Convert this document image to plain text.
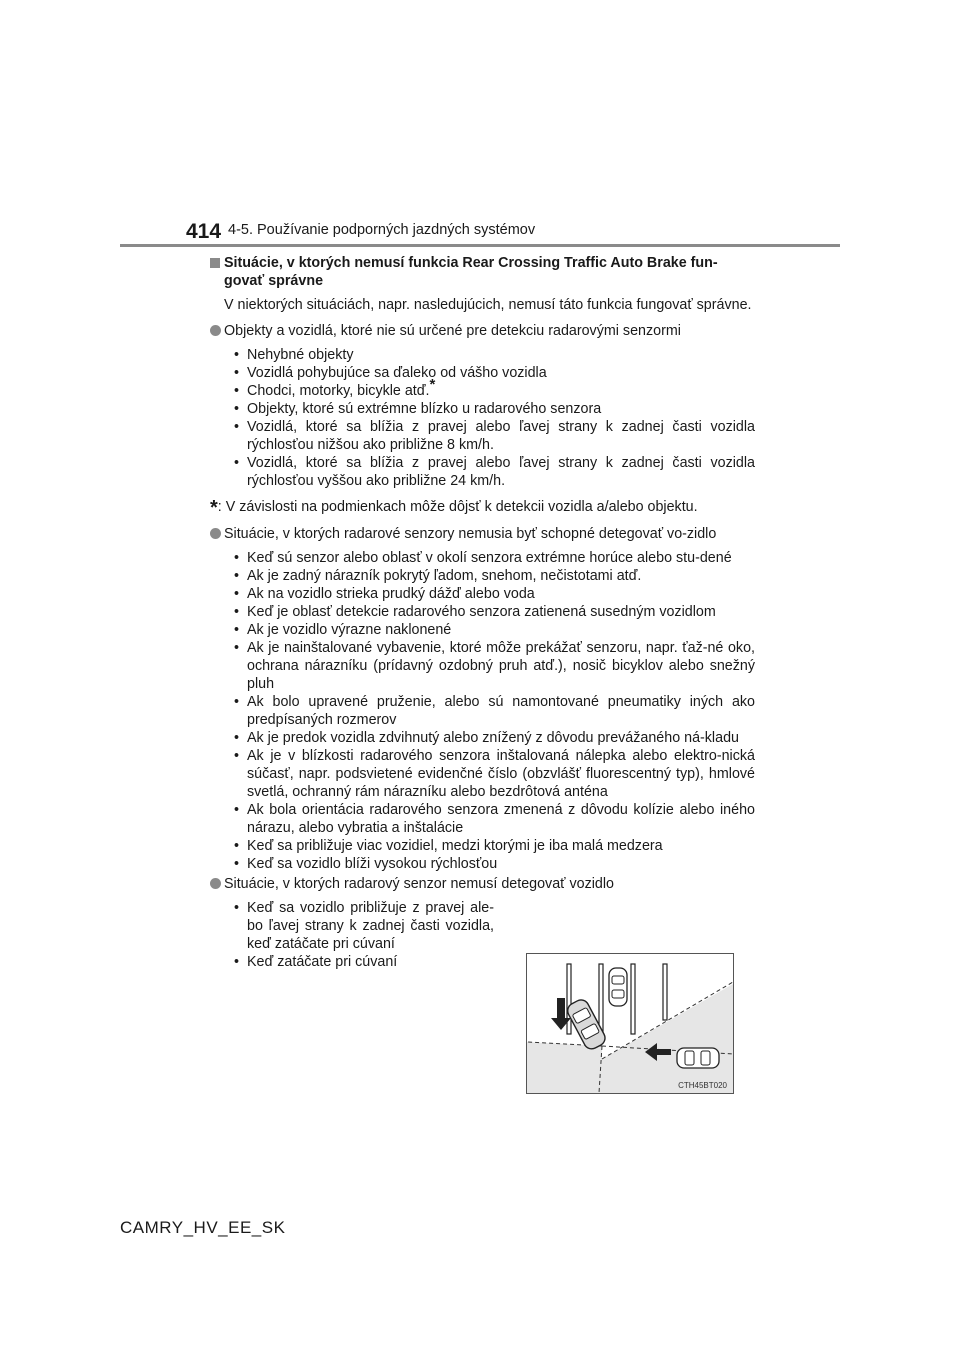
414 4-5. Používanie podporných jazdných systémov
Situácie, v ktorých nemusí funkcia Rear Crossing Traffic Auto Brake fun-govať správne
V niektorých situáciách, napr. nasledujúcich, nemusí táto funkcia fungovať správne.
Objekty a vozidlá, ktoré nie sú určené pre detekciu radarovými senzormi
• Nehybné objekty
• Vozidlá pohybujúce sa ďaleko od vášho vozidla
• Chodci, motorky, bicykle atď.*
• Objekty, ktoré sú extrémne blízko u radarového senzora
• Vozidlá, ktoré sa blížia z pravej alebo ľavej strany k zadnej časti vozidla rýchlosťou nižšou ako približne 8 km/h.
• Vozidlá, ktoré sa blížia z pravej alebo ľavej strany k zadnej časti vozidla rýchlosťou vyššou ako približne 24 km/h.
*: V závislosti na podmienkach môže dôjsť k detekcii vozidla a/alebo objektu.
Situácie, v ktorých radarové senzory nemusia byť schopné detegovať vo-zidlo
• Keď sú senzor alebo oblasť v okolí senzora extrémne horúce alebo stu-dené
• Ak je zadný nárazník pokrytý ľadom, snehom, nečistotami atď.
• Ak na vozidlo strieka prudký dážď alebo voda
• Keď je oblasť detekcie radarového senzora zatienená susedným vozidlom
• Ak je vozidlo výrazne naklonené
• Ak je nainštalované vybavenie, ktoré môže prekážať senzoru, napr. ťaž-né oko, ochrana nárazníku (prídavný ozdobný pruh atď.), nosič bicyklov alebo snežný pluh
• Ak bolo upravené pruženie, alebo sú namontované pneumatiky iných ako predpísaných rozmerov
• Ak je predok vozidla zdvihnutý alebo znížený z dôvodu prevážaného ná-kladu
• Ak je v blízkosti radarového senzora inštalovaná nálepka alebo elektro-nická súčasť, napr. podsvietené evidenčné číslo (obzvlášť fluorescentný typ), hmlové svetlá, ochranný rám nárazníku alebo bezdrôtová anténa
• Ak bola orientácia radarového senzora zmenená z dôvodu kolízie alebo iného nárazu, alebo vybratia a inštalácie
• Keď sa približuje viac vozidiel, medzi ktorými je iba malá medzera
• Keď sa vozidlo blíži vysokou rýchlosťou
Situácie, v ktorých radarový senzor nemusí detegovať vozidlo
• Keď sa vozidlo približuje z pravej ale-bo ľavej strany k zadnej časti vozidla, keď zatáčate pri cúvaní
• Keď zatáčate pri cúvaní
CTH45BT020
CAMRY_HV_EE_SK
